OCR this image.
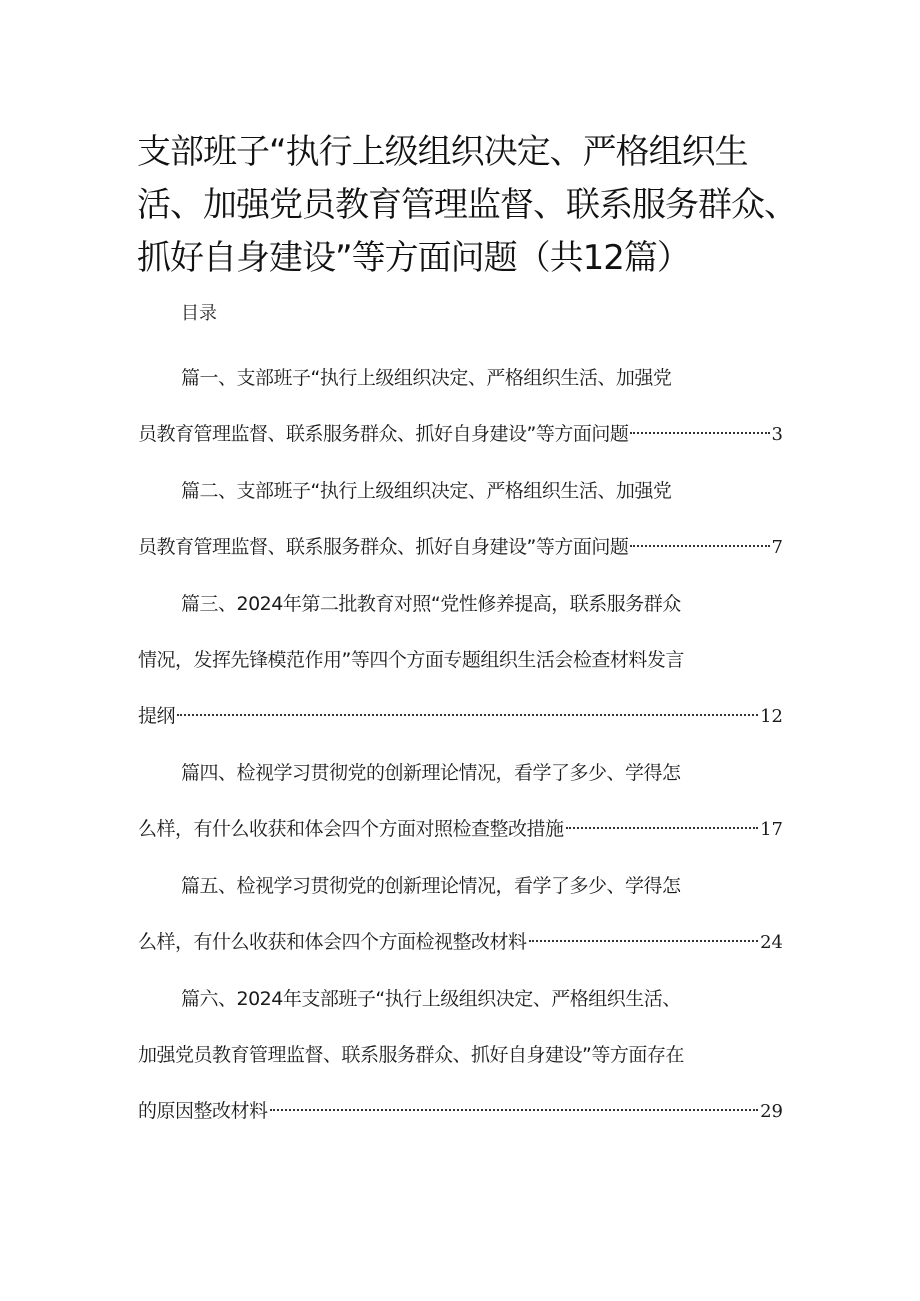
支部班子“执行上级组织决定、严格组织生活、加强党员教育管理监督、联系服务群众、抓好自身建设”等方面问题（共12篇）
目录
篇一、支部班子“执行上级组织决定、严格组织生活、加强党
员教育管理监督、联系服务群众、抓好自身建设”等方面问题	3
篇二、支部班子“执行上级组织决定、严格组织生活、加强党
员教育管理监督、联系服务群众、抓好自身建设”等方面问题	7
篇三、2024年第二批教育对照“党性修养提高，联系服务群众
情况，发挥先锋模范作用”等四个方面专题组织生活会检查材料发言
提纲	12
篇四、检视学习贯彻党的创新理论情况，看学了多少、学得怎
么样，有什么收获和体会四个方面对照检查整改措施	17
篇五、检视学习贯彻党的创新理论情况，看学了多少、学得怎
么样，有什么收获和体会四个方面检视整改材料	24
篇六、2024年支部班子“执行上级组织决定、严格组织生活、
加强党员教育管理监督、联系服务群众、抓好自身建设”等方面存在
的原因整改材料	29
